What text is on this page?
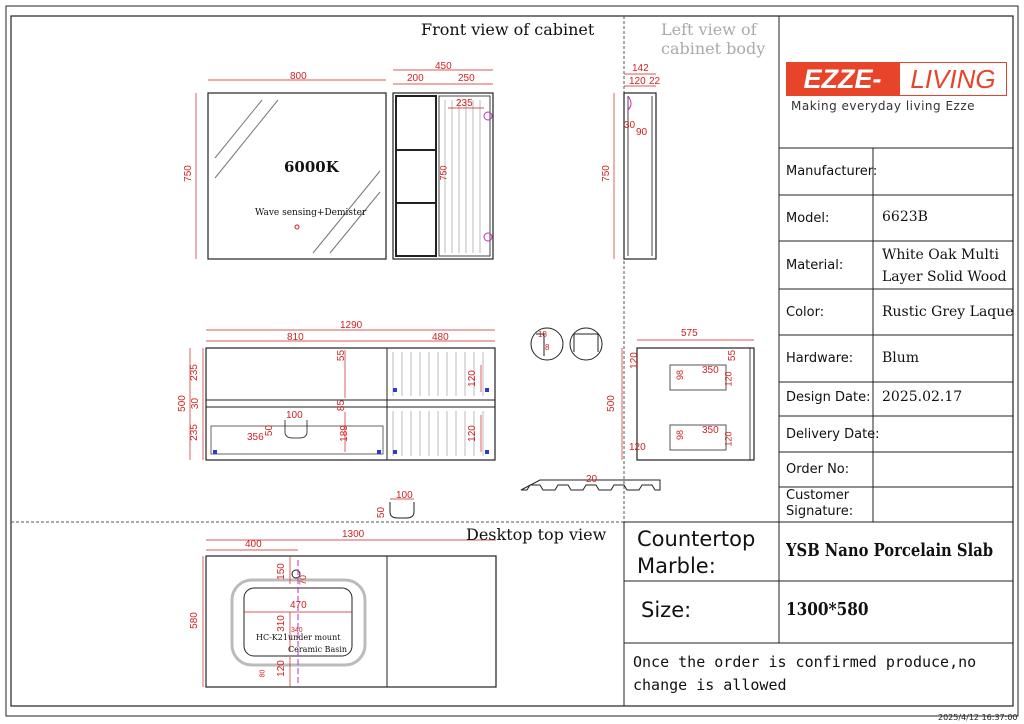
Front view of cabinet	Left view of cabinet body
Desktop top view
800
750	6000K
Wave sensing+Demister
450
200	250
235
750
142
120 22
30
90
750
1290
810	480
235
30
235
500
55
85
120
120
100
50
356	189
18
8
575
500
55
120
120
98 350
120
98 350
120
100
50
20
1300
400
580
150
70
470
310 340
120
80
HC-K21 under mount
Ceramic Basin
EZZE-	LIVING
Making everyday living Ezze
Manufacturer:
Model:	6623B
Material:
White Oak Multi Layer Solid Wood
Color:	Rustic Grey Laque
Hardware: Blum
Design Date: 2025.02.17
Delivery Date:
Order No:
Customer Signature:
Countertop Marble:
YSB Nano Porcelain Slab
Size:	1300*580
Once the order is confirmed produce,no change is allowed
2025/4/12 16:37:00
